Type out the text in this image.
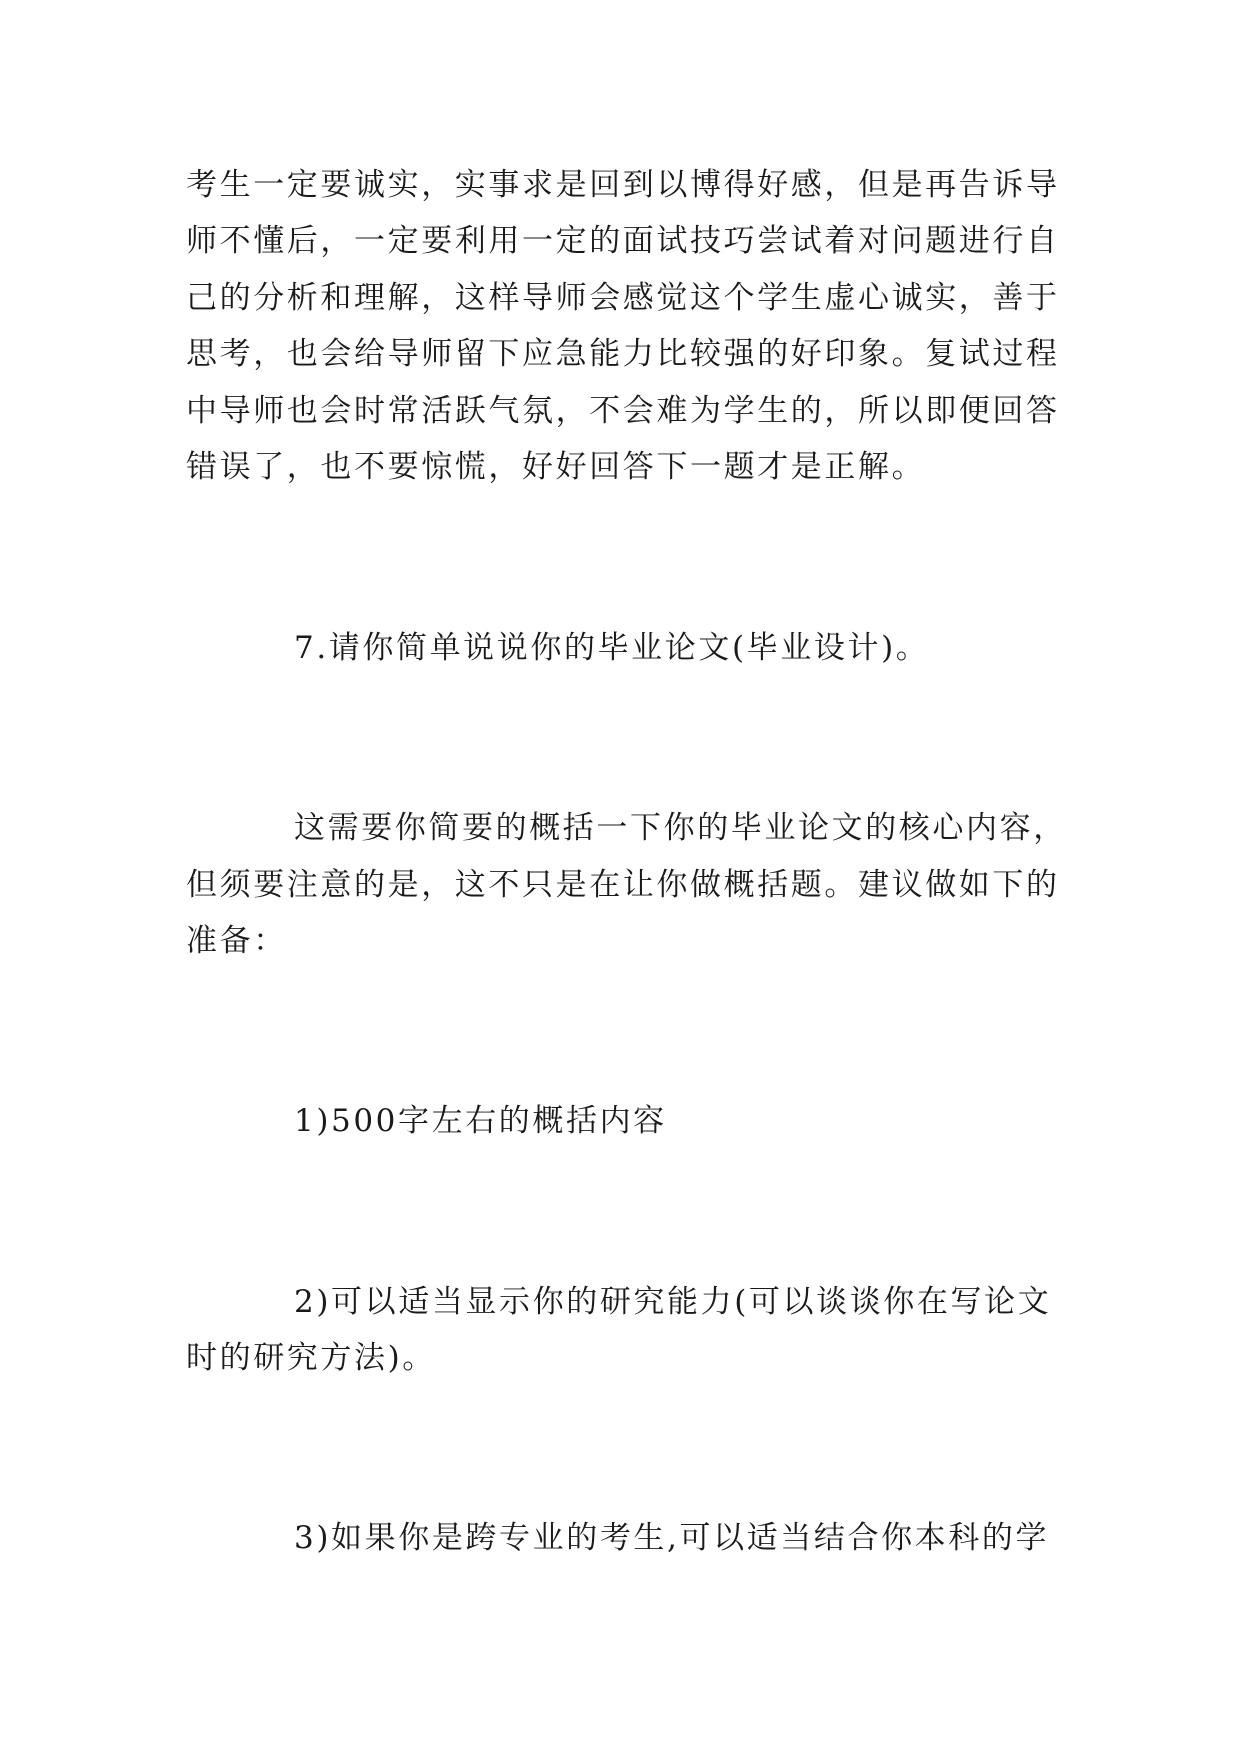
考生一定要诚实，实事求是回到以博得好感，但是再告诉导
师不懂后，一定要利用一定的面试技巧尝试着对问题进行自
己的分析和理解，这样导师会感觉这个学生虚心诚实，善于
思考，也会给导师留下应急能力比较强的好印象。复试过程
中导师也会时常活跃气氛，不会难为学生的，所以即便回答
错误了，也不要惊慌，好好回答下一题才是正解。
7.请你简单说说你的毕业论文(毕业设计)。
这需要你简要的概括一下你的毕业论文的核心内容，
但须要注意的是，这不只是在让你做概括题。建议做如下的
准备：
1)500字左右的概括内容
2)可以适当显示你的研究能力(可以谈谈你在写论文
时的研究方法)。
3)如果你是跨专业的考生,可以适当结合你本科的学
